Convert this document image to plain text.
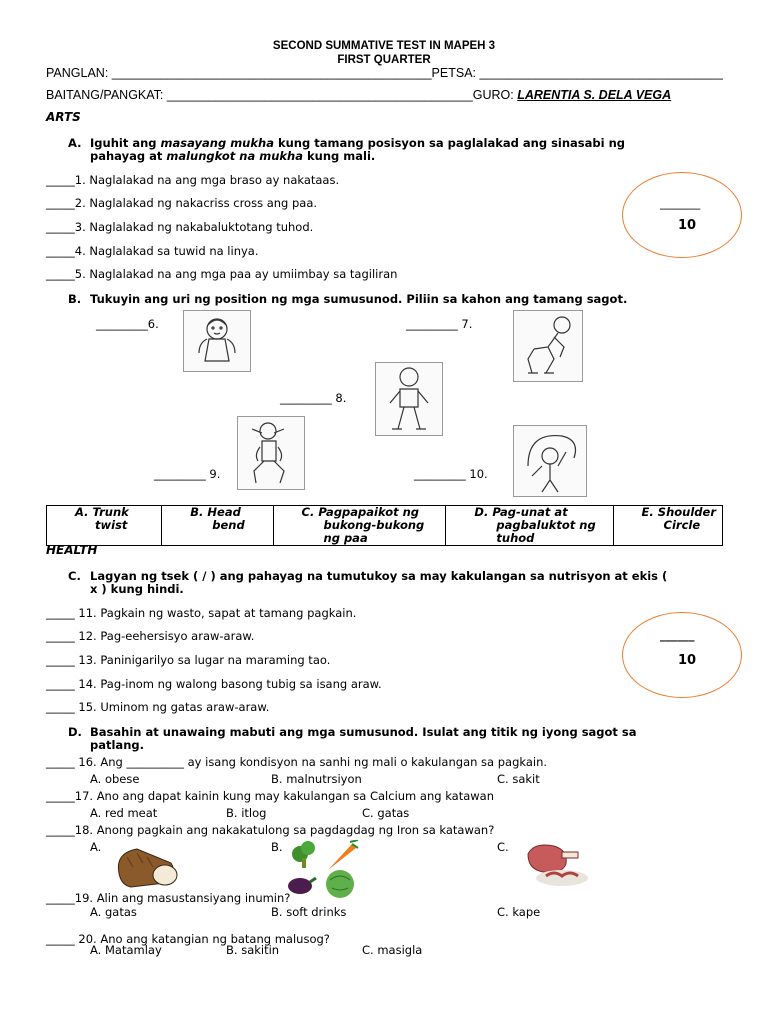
SECOND SUMMATIVE TEST IN MAPEH 3
FIRST QUARTER
PANGLAN: ______________________________________________PETSA: ___________________________________
BAITANG/PANGKAT: ____________________________________________GURO: LARENTIA S. DELA VEGA
ARTS
A. Iguhit ang masayang mukha kung tamang posisyon sa paglalakad ang sinasabi ng
pahayag at malungkot na mukha kung mali.
_____1. Naglalakad na ang mga braso ay nakataas.
_____2. Naglalakad ng nakacriss cross ang paa.
_____3. Naglalakad ng nakabaluktotang tuhod.
_____4. Naglalakad sa tuwid na linya.
_____5. Naglalakad na ang mga paa ay umiimbay sa tagiliran
_______
10
B. Tukuyin ang uri ng position ng mga sumusunod. Piliin sa kahon ang tamang sagot.
_________6.	_________ 7.
_________ 8.
_________ 9.	_________ 10.
A. Trunk
twist	B. Head
bend	C. Pagpapaikot ng
bukong-bukong
ng paa	D. Pag-unat at
pagbaluktot ng
tuhod	E. Shoulder
Circle
HEALTH
C. Lagyan ng tsek ( / ) ang pahayag na tumutukoy sa may kakulangan sa nutrisyon at ekis (
x ) kung hindi.
_____ 11. Pagkain ng wasto, sapat at tamang pagkain.
_____ 12. Pag-eehersisyo araw-araw.
_____ 13. Paninigarilyo sa lugar na maraming tao.
_____ 14. Pag-inom ng walong basong tubig sa isang araw.
_____ 15. Uminom ng gatas araw-araw.
______
10
D. Basahin at unawaing mabuti ang mga sumusunod. Isulat ang titik ng iyong sagot sa
patlang.
_____ 16. Ang __________ ay isang kondisyon na sanhi ng mali o kakulangan sa pagkain.
A. obese	B. malnutrsiyon	C. sakit
_____17. Ano ang dapat kainin kung may kakulangan sa Calcium ang katawan
A. red meat	B. itlog	C. gatas
_____18. Anong pagkain ang nakakatulong sa pagdagdag ng Iron sa katawan?
A.	B.	C.
_____19. Alin ang masustansiyang inumin?
A. gatas	B. soft drinks	C. kape
_____ 20. Ano ang katangian ng batang malusog?
A. Matamlay	B. sakitin	C. masigla
